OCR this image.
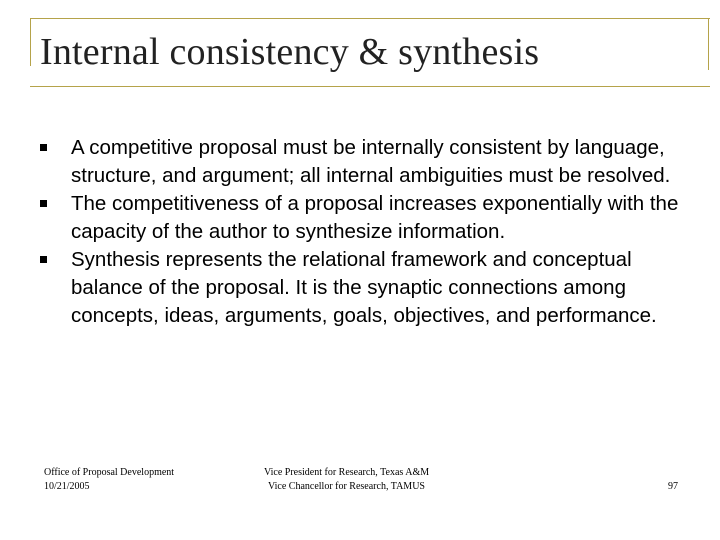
Internal consistency & synthesis
A competitive proposal must be internally consistent by language, structure, and argument; all internal ambiguities must be resolved.
The competitiveness of a proposal increases exponentially with the capacity of the author to synthesize information.
Synthesis represents the relational framework and conceptual balance of the proposal. It is the synaptic connections among concepts, ideas, arguments, goals, objectives, and performance.
Office of Proposal Development
10/21/2005
Vice President for Research, Texas A&M
Vice Chancellor for Research, TAMUS	97
